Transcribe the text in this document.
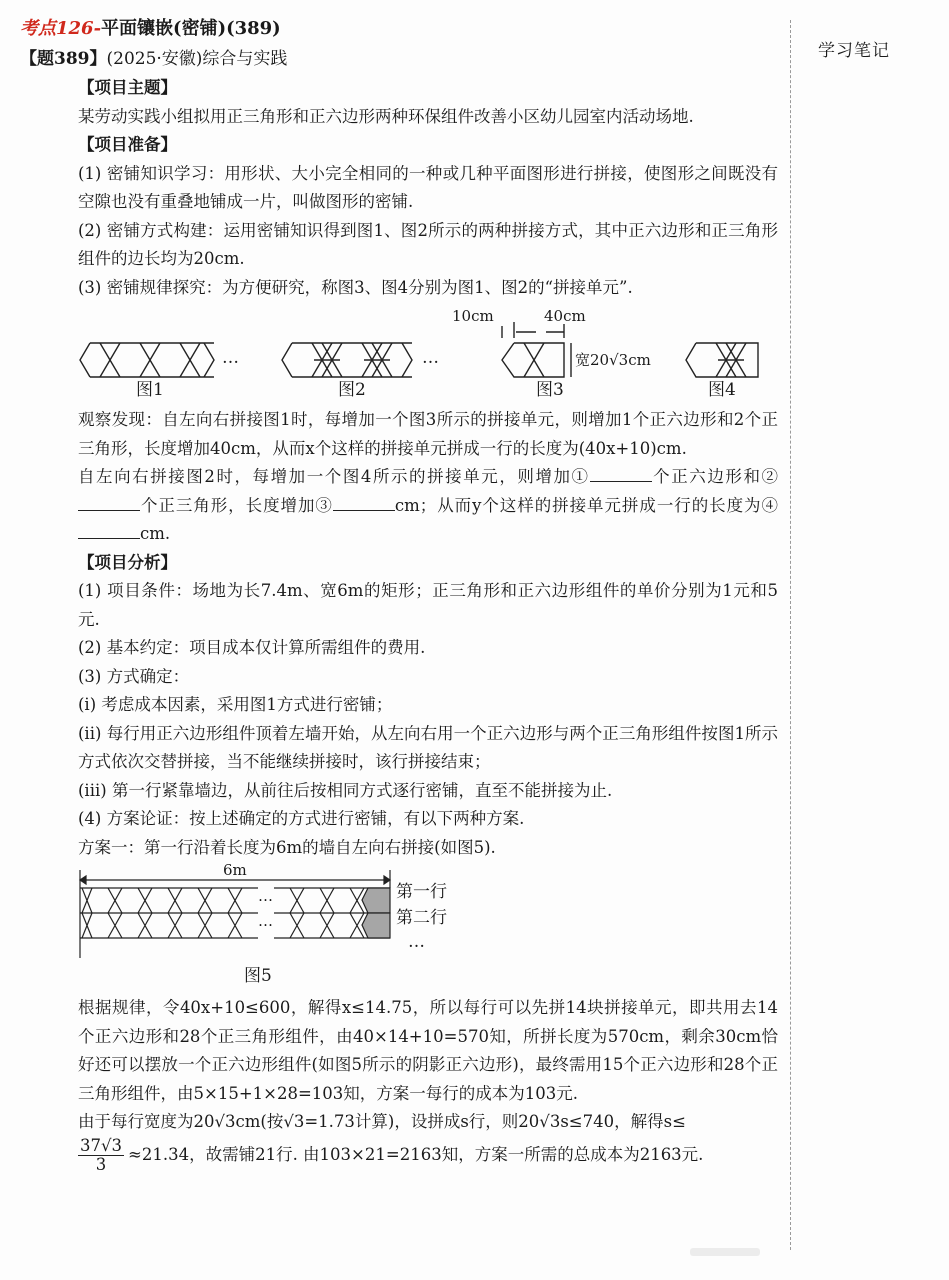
考点126-平面镶嵌(密铺)(389)
【题389】(2025·安徽)综合与实践	学习笔记

【项目主题】

某劳动实践小组拟用正三角形和正六边形两种环保组件改善小区幼儿园室内活动场地.

【项目准备】

(1) 密铺知识学习：用形状、大小完全相同的一种或几种平面图形进行拼接，使图形之间既没有空隙也没有重叠地铺成一片，叫做图形的密铺.

(2) 密铺方式构建：运用密铺知识得到图1、图2所示的两种拼接方式，其中正六边形和正三角形组件的边长均为20cm.

(3) 密铺规律探究：为方便研究，称图3、图4分别为图1、图2的“拼接单元”.

…	…
图1	图2	图3	图4
10cm	40cm
宽20√3cm

观察发现：自左向右拼接图1时，每增加一个图3所示的拼接单元，则增加1个正六边形和2个正三角形，长度增加40cm，从而x个这样的拼接单元拼成一行的长度为(40x+10)cm.

自左向右拼接图2时，每增加一个图4所示的拼接单元，则增加①	个正六边形和②个正三角形，长度增加③	cm；从而y个这样的拼接单元拼成一行的长度为④cm.

【项目分析】

(1) 项目条件：场地为长7.4m、宽6m的矩形；正三角形和正六边形组件的单价分别为1元和5元.

(2) 基本约定：项目成本仅计算所需组件的费用.

(3) 方式确定：

(i) 考虑成本因素，采用图1方式进行密铺；

(ii) 每行用正六边形组件顶着左墙开始，从左向右用一个正六边形与两个正三角形组件按图1所示方式依次交替拼接，当不能继续拼接时，该行拼接结束；

(iii) 第一行紧靠墙边，从前往后按相同方式逐行密铺，直至不能拼接为止.

(4) 方案论证：按上述确定的方式进行密铺，有以下两种方案.

方案一：第一行沿着长度为6m的墙自左向右拼接(如图5).

6m
…
…
第一行
第二行
…
图5

根据规律，令40x+10≤600，解得x≤14.75，所以每行可以先拼14块拼接单元，即共用去14个正六边形和28个正三角形组件，由40×14+10=570知，所拼长度为570cm，剩余30cm恰好还可以摆放一个正六边形组件(如图5所示的阴影正六边形)，最终需用15个正六边形和28个正三角形组件，由5×15+1×28=103知，方案一每行的成本为103元.

由于每行宽度为20√3cm(按√3=1.73计算)，设拼成s行，则20√3s≤740，解得s≤

$\frac{37√3}{3} \approx 21.34$，故需铺21行. 由103×21=2163知，方案一所需的总成本为2163元.
